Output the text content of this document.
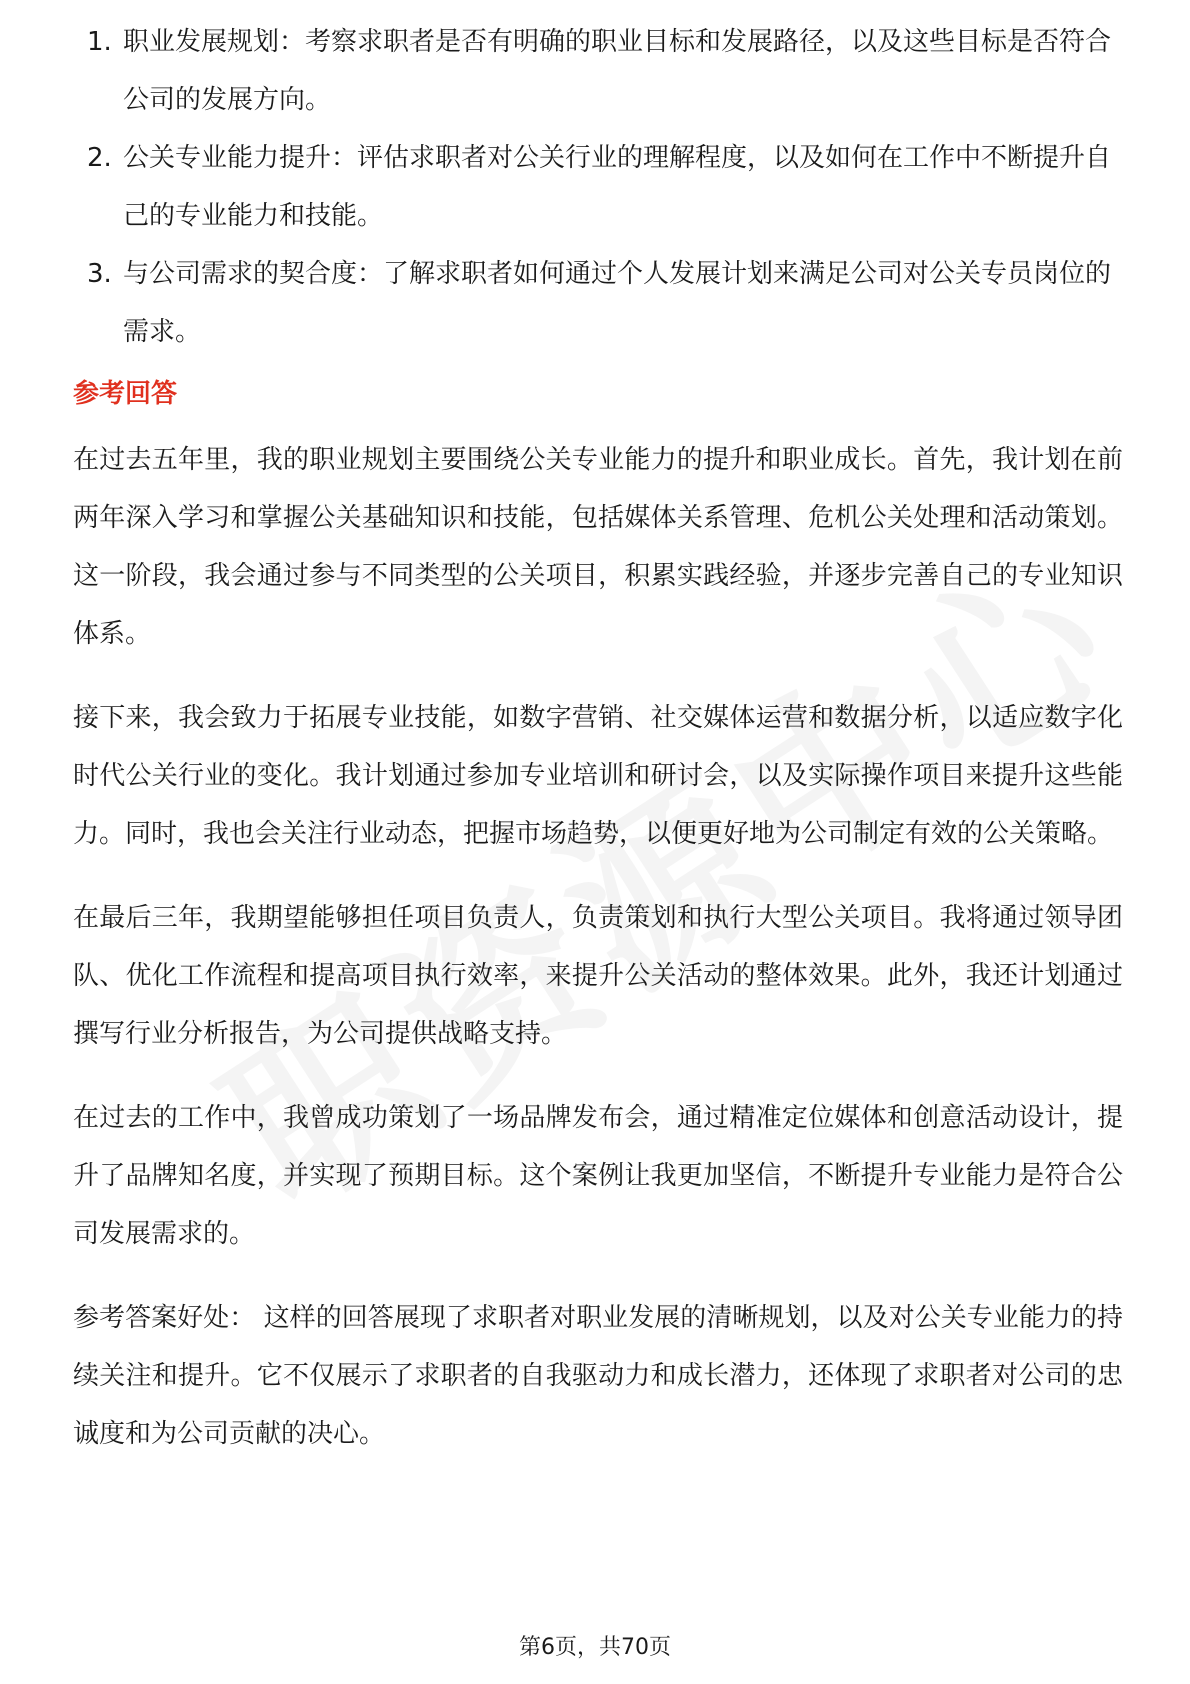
1. 职业发展规划：考察求职者是否有明确的职业目标和发展路径，以及这些目标是否符合公司的发展方向。
2. 公关专业能力提升：评估求职者对公关行业的理解程度，以及如何在工作中不断提升自己的专业能力和技能。
3. 与公司需求的契合度：了解求职者如何通过个人发展计划来满足公司对公关专员岗位的需求。
参考回答

在过去五年里，我的职业规划主要围绕公关专业能力的提升和职业成长。首先，我计划在前两年深入学习和掌握公关基础知识和技能，包括媒体关系管理、危机公关处理和活动策划。这一阶段，我会通过参与不同类型的公关项目，积累实践经验，并逐步完善自己的专业知识体系。

接下来，我会致力于拓展专业技能，如数字营销、社交媒体运营和数据分析，以适应数字化时代公关行业的变化。我计划通过参加专业培训和研讨会，以及实际操作项目来提升这些能力。同时，我也会关注行业动态，把握市场趋势，以便更好地为公司制定有效的公关策略。

在最后三年，我期望能够担任项目负责人，负责策划和执行大型公关项目。我将通过领导团队、优化工作流程和提高项目执行效率，来提升公关活动的整体效果。此外，我还计划通过撰写行业分析报告，为公司提供战略支持。

在过去的工作中，我曾成功策划了一场品牌发布会，通过精准定位媒体和创意活动设计，提升了品牌知名度，并实现了预期目标。这个案例让我更加坚信，不断提升专业能力是符合公司发展需求的。

参考答案好处： 这样的回答展现了求职者对职业发展的清晰规划，以及对公关专业能力的持续关注和提升。它不仅展示了求职者的自我驱动力和成长潜力，还体现了求职者对公司的忠诚度和为公司贡献的决心。

第6页，共70页
